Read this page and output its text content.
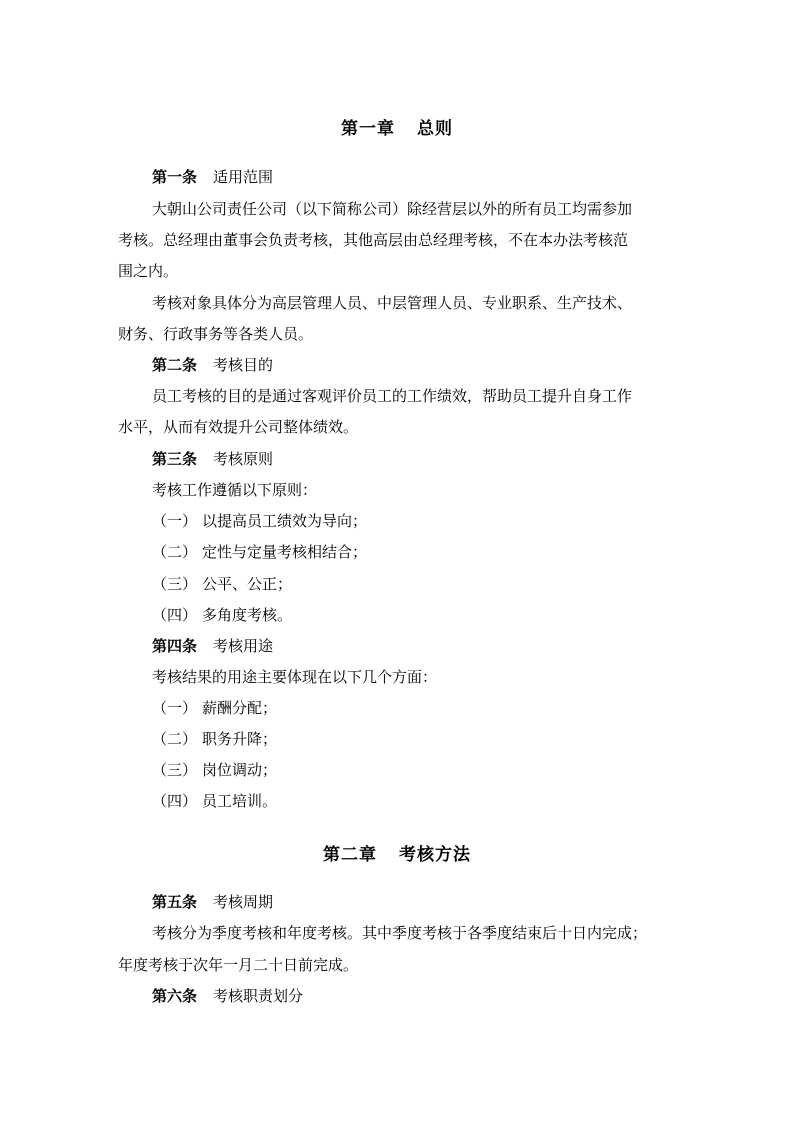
第一章 总则
第一条 适用范围
大朝山公司责任公司（以下简称公司）除经营层以外的所有员工均需参加
考核。总经理由董事会负责考核，其他高层由总经理考核，不在本办法考核范
围之内。
考核对象具体分为高层管理人员、中层管理人员、专业职系、生产技术、
财务、行政事务等各类人员。
第二条 考核目的
员工考核的目的是通过客观评价员工的工作绩效，帮助员工提升自身工作
水平，从而有效提升公司整体绩效。
第三条 考核原则
考核工作遵循以下原则：
（一） 以提高员工绩效为导向；
（二） 定性与定量考核相结合；
（三） 公平、公正；
（四） 多角度考核。
第四条 考核用途
考核结果的用途主要体现在以下几个方面：
（一） 薪酬分配；
（二） 职务升降；
（三） 岗位调动；
（四） 员工培训。
第二章 考核方法
第五条 考核周期
考核分为季度考核和年度考核。其中季度考核于各季度结束后十日内完成；
年度考核于次年一月二十日前完成。
第六条 考核职责划分
